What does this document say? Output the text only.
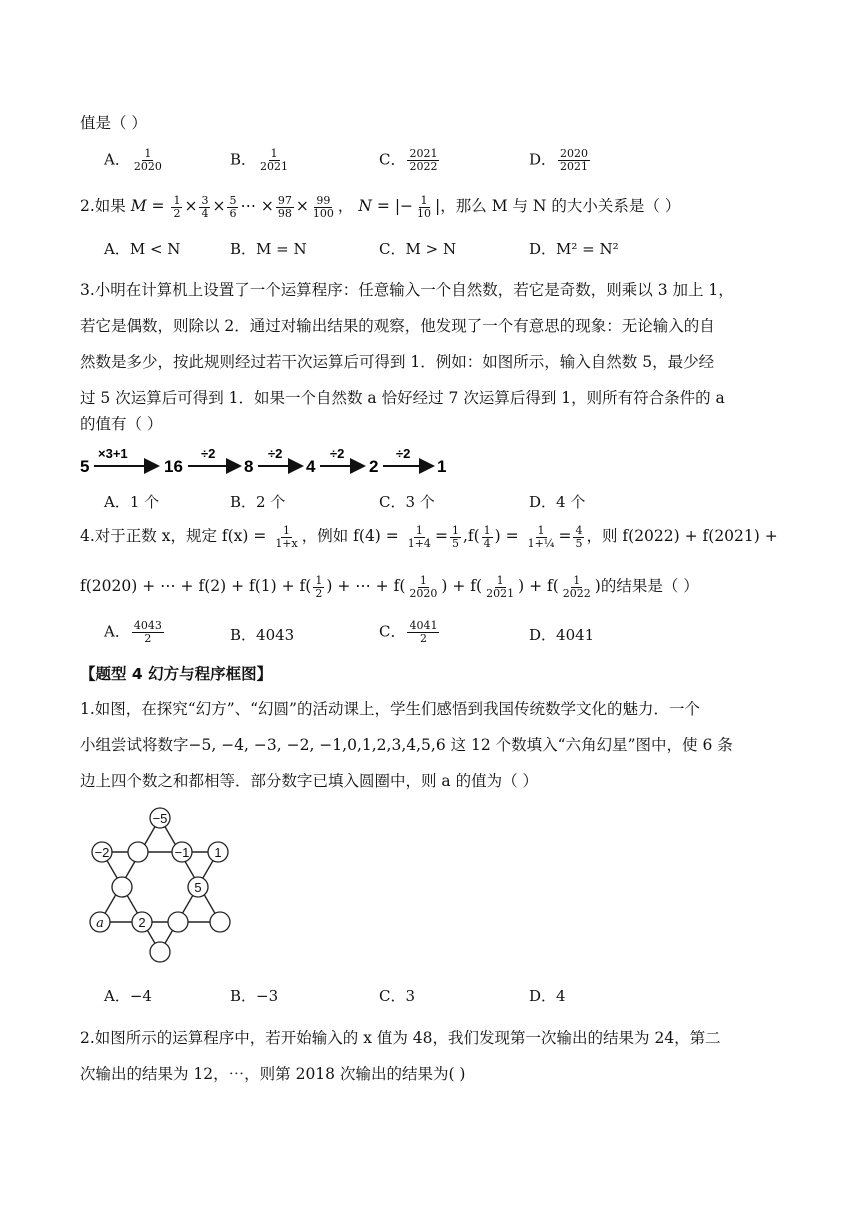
值是（ ）
A． $\frac{1}{2020}$	B． $\frac{1}{2021}$	C． $\frac{2021}{2022}$	D． $\frac{2020}{2021}$
2.如果 $M = \frac{1}{2} \times \frac{3}{4} \times \frac{5}{6}$ ⋯ × $\frac{97}{98} \times \frac{99}{100}$ ， N = |− $\frac{1}{10}$ |，那么 M 与 N 的大小关系是（ ）
A．M < N	B．M = N	C．M > N	D．M² = N²
3.小明在计算机上设置了一个运算程序：任意输入一个自然数，若它是奇数，则乘以 3 加上 1，
若它是偶数，则除以 2．通过对输出结果的观察，他发现了一个有意思的现象：无论输入的自
然数是多少，按此规则经过若干次运算后可得到 1．例如：如图所示，输入自然数 5，最少经
过 5 次运算后可得到 1．如果一个自然数 a 恰好经过 7 次运算后得到 1，则所有符合条件的 a
的值有（ ）
5
×3+1
16
÷2
8
÷2
4
÷2
2
÷2
1
A．1 个	B．2 个	C．3 个	D．4 个
4.对于正数 x，规定 $f(x) = \frac{1}{1+x}$ ，例如 $f(4) = \frac{1}{1+4} = \frac{1}{5} ,f( \frac{1}{4}$ ) = $\frac{1}{\text{1+¼}} = \frac{4}{5}$ ，则 f(2022) + f(2021) +
f(2020) + ⋯ + $f(2) + f(1) + f( \frac{1}{2}$ ) + ⋯ + $f( \frac{1}{2020}$ ) + $f( \frac{1}{2021}$ ) + $f( \frac{1}{2022}$ )的结果是（ ）
A． $\frac{4043}{2}$	B．4043	C． $\frac{4041}{2}$	D．4041
【题型 4 幻方与程序框图】
1.如图，在探究“幻方”、“幻圆”的活动课上，学生们感悟到我国传统数学文化的魅力．一个
小组尝试将数字−5, −4, −3, −2, −1,0,1,2,3,4,5,6 这 12 个数填入“六角幻星”图中，使 6 条
边上四个数之和都相等．部分数字已填入圆圈中，则 a 的值为（ ）
−5
−2	−1 1
5
a	2
A．−4	B．−3	C．3	D．4
2.如图所示的运算程序中，若开始输入的 x 值为 48，我们发现第一次输出的结果为 24，第二
次输出的结果为 12，⋯，则第 2018 次输出的结果为( )
